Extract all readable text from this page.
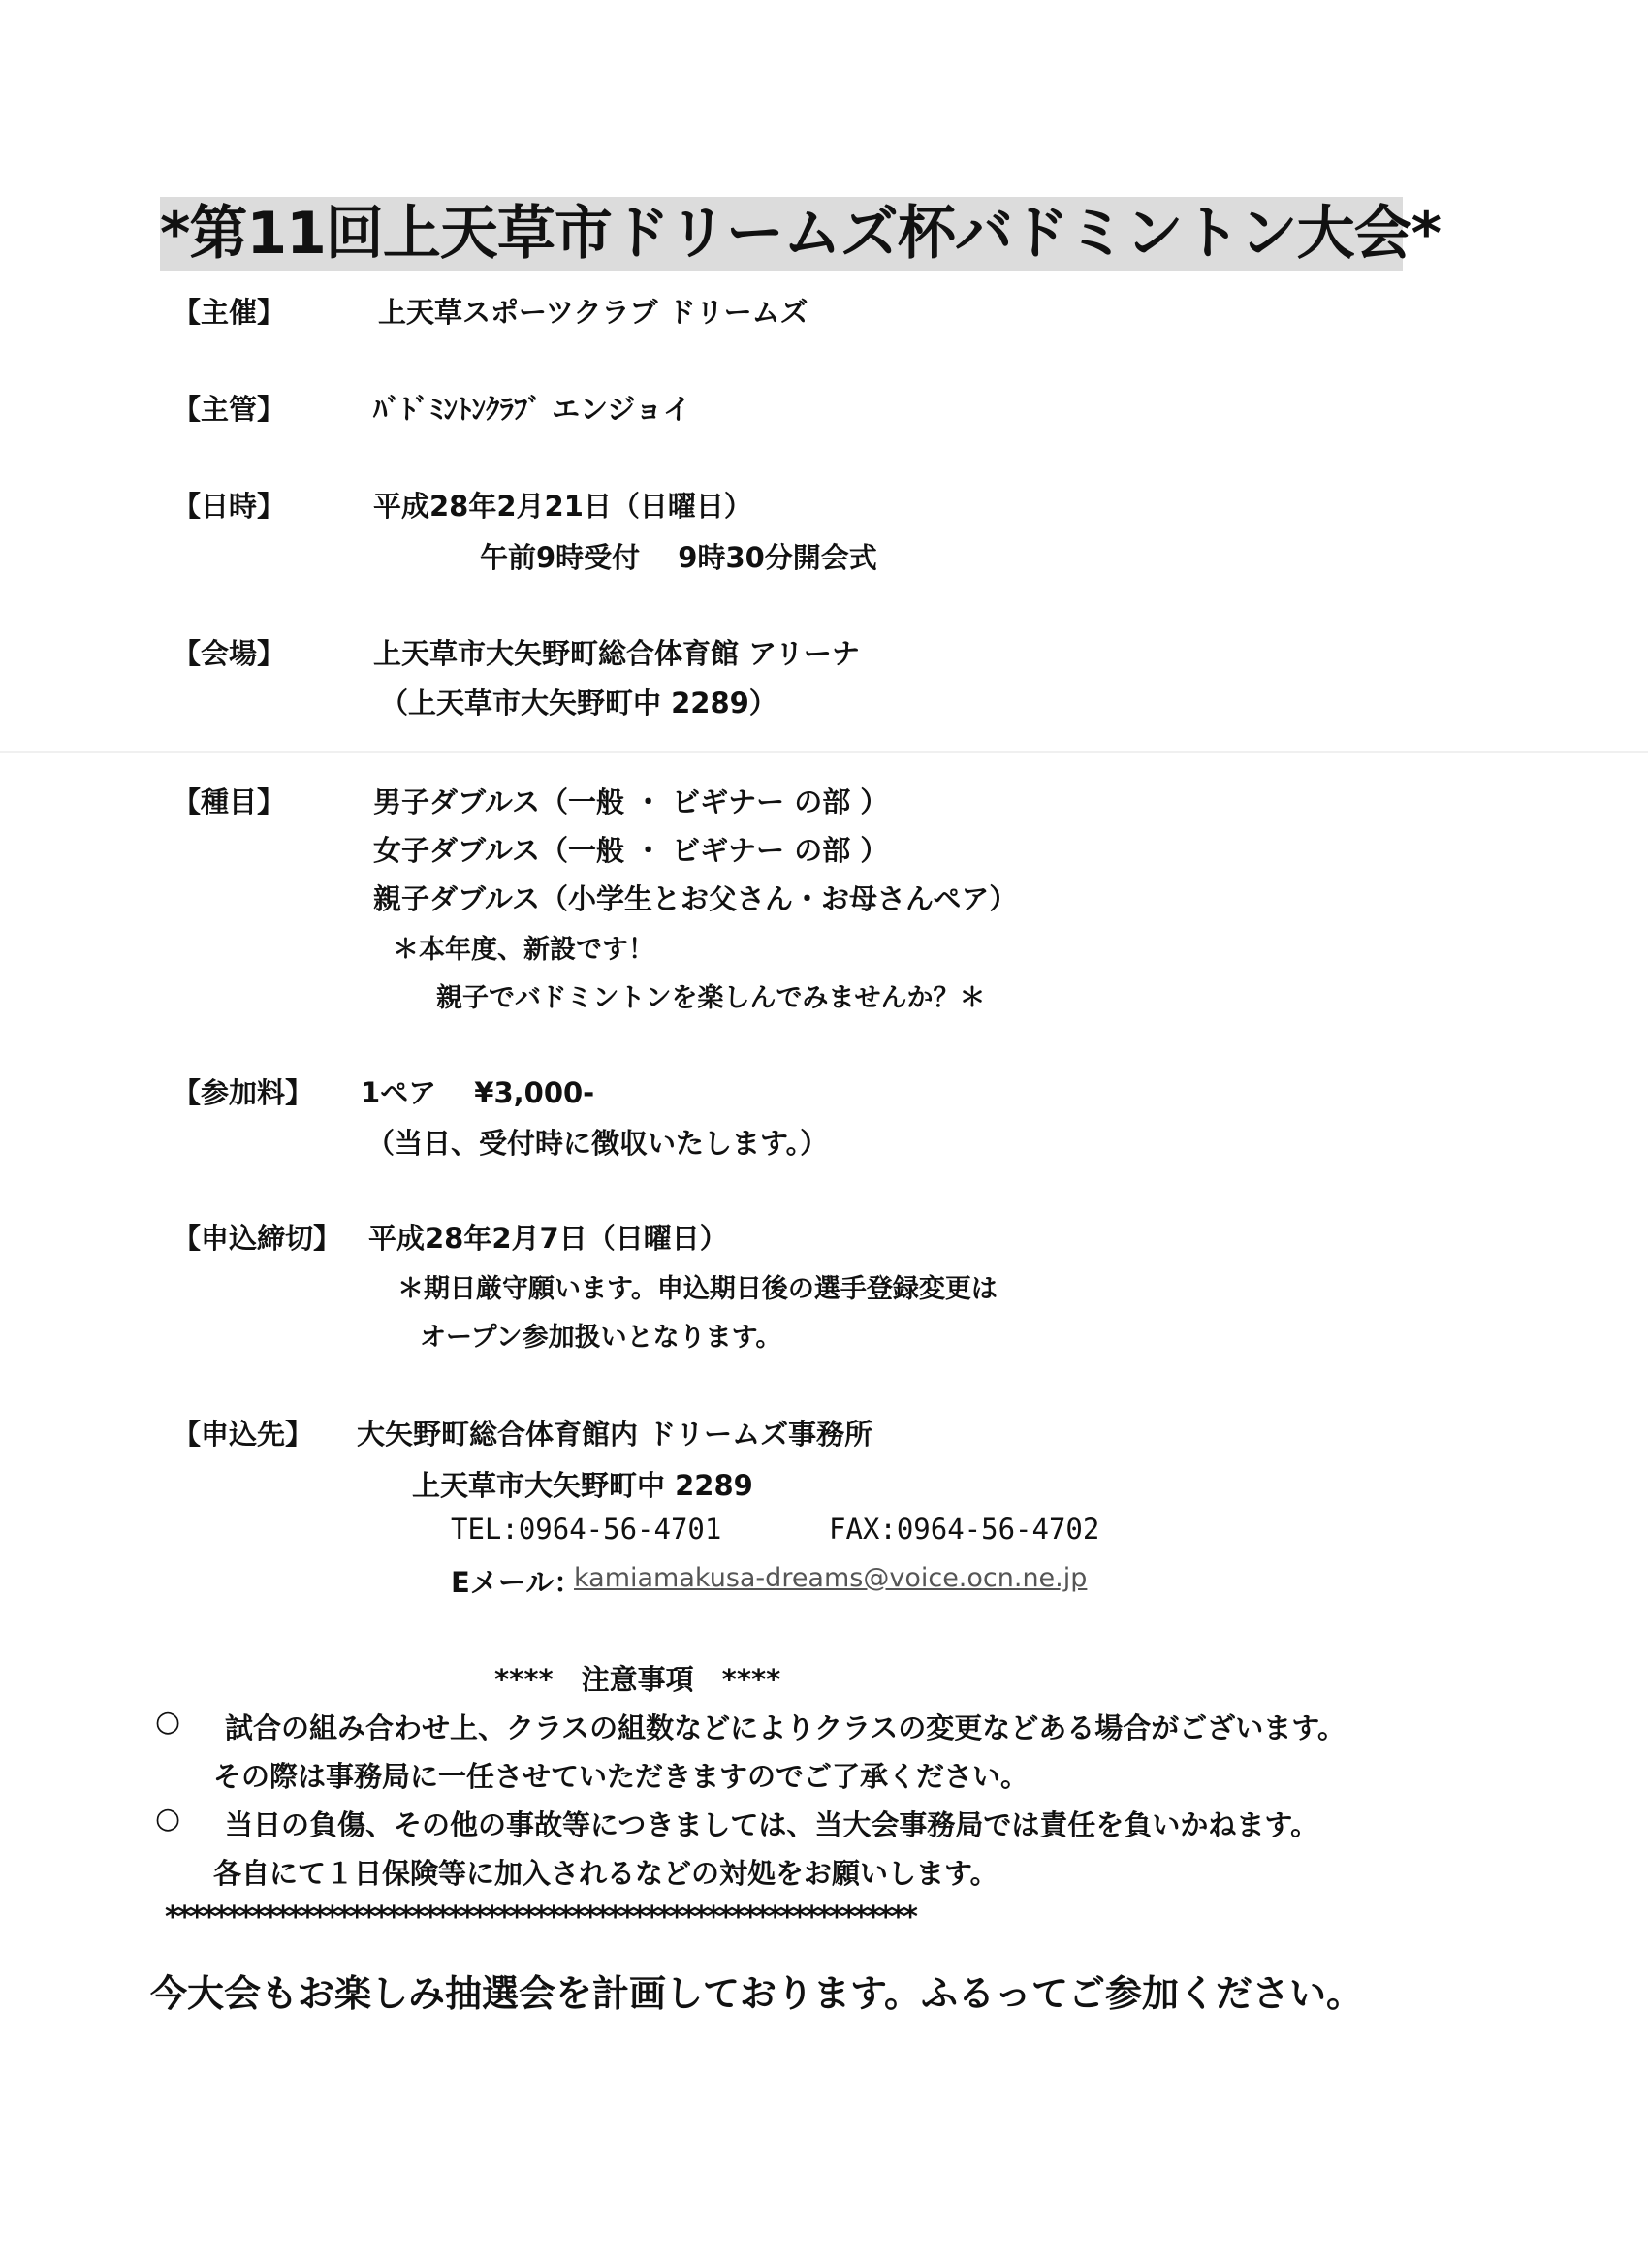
*第11回上天草市ドリームズ杯バドミントン大会*
【主催】	上天草スポーツクラブ ドリームズ
【主管】	ﾊﾞﾄﾞﾐﾝﾄﾝｸﾗﾌﾞ エンジョイ
【日時】	平成28年2月21日（日曜日）
午前9時受付　 9時30分開会式
【会場】	上天草市大矢野町総合体育館 アリーナ
（上天草市大矢野町中 2289）
【種目】	男子ダブルス（一般 ・ ビギナー の部 ）
女子ダブルス（一般 ・ ビギナー の部 ）
親子ダブルス（小学生とお父さん・お母さんペア）
＊本年度、新設です！
親子でバドミントンを楽しんでみませんか？＊
【参加料】 1ペア　 ¥3,000-
（当日、受付時に徴収いたします。）
【申込締切】 平成28年2月7日（日曜日）
＊期日厳守願います。申込期日後の選手登録変更は
オープン参加扱いとなります。
【申込先】 大矢野町総合体育館内 ドリームズ事務所
上天草市大矢野町中 2289
TEL:0964-56-4701	FAX:0964-56-4702
Eメール：
kamiamakusa-dreams@voice.ocn.ne.jp
****　注意事項　****
○ 試合の組み合わせ上、クラスの組数などによりクラスの変更などある場合がございます。
その際は事務局に一任させていただきますのでご了承ください。
○ 当日の負傷、その他の事故等につきましては、当大会事務局では責任を負いかねます。
各自にて１日保険等に加入されるなどの対処をお願いします。
*************************************************************
今大会もお楽しみ抽選会を計画しております。ふるってご参加ください。
